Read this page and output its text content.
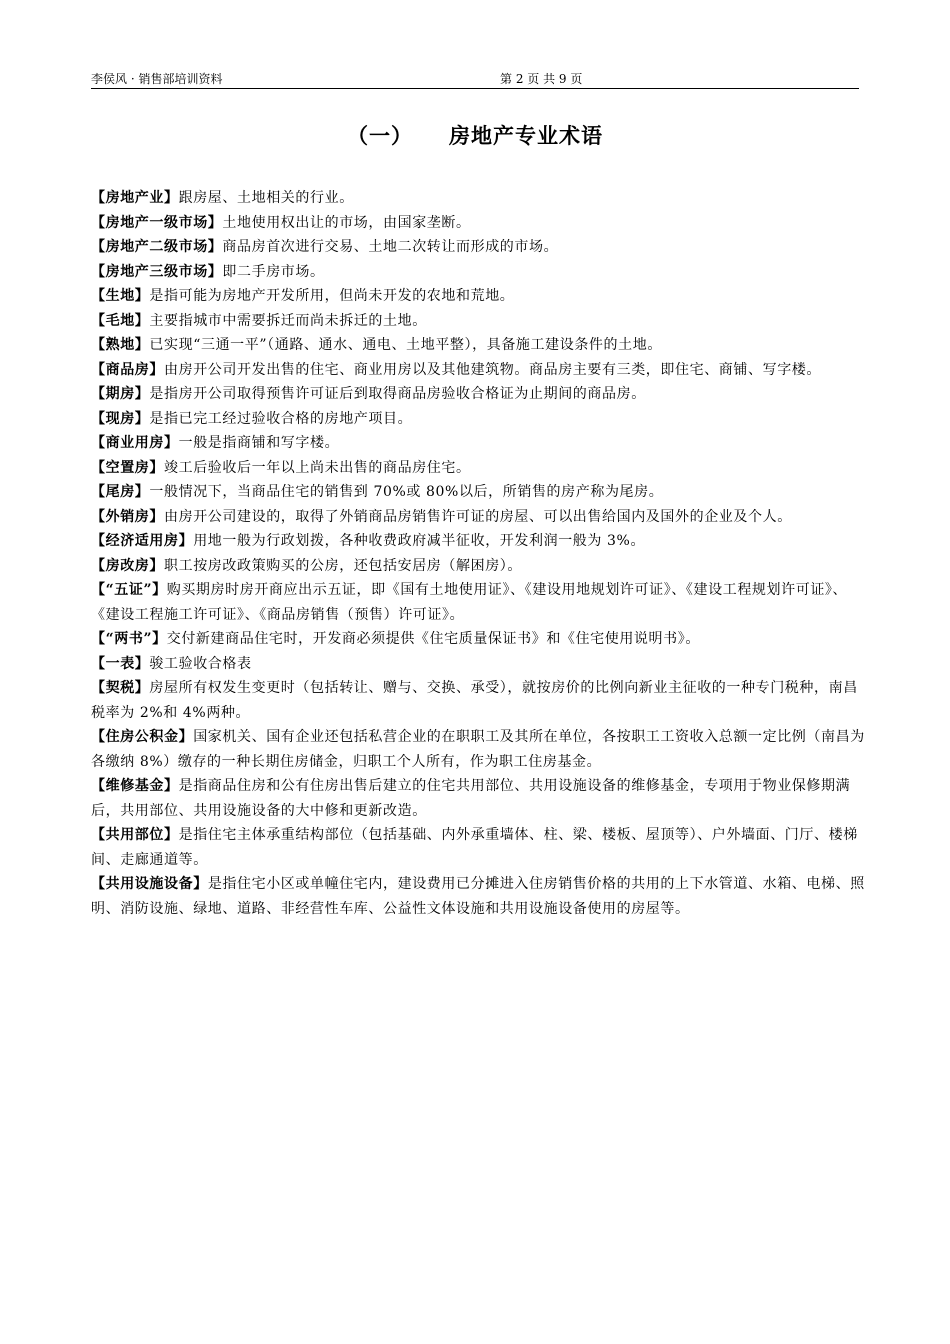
李侯风 · 销售部培训资料	第 2 页 共 9 页
（一） 房地产专业术语

【房地产业】跟房屋、土地相关的行业。

【房地产一级市场】土地使用权出让的市场，由国家垄断。

【房地产二级市场】商品房首次进行交易、土地二次转让而形成的市场。

【房地产三级市场】即二手房市场。

【生地】是指可能为房地产开发所用，但尚未开发的农地和荒地。

【毛地】主要指城市中需要拆迁而尚未拆迁的土地。

【熟地】已实现“三通一平”（通路、通水、通电、土地平整），具备施工建设条件的土地。

【商品房】由房开公司开发出售的住宅、商业用房以及其他建筑物。商品房主要有三类，即住宅、商铺、写字楼。

【期房】是指房开公司取得预售许可证后到取得商品房验收合格证为止期间的商品房。

【现房】是指已完工经过验收合格的房地产项目。

【商业用房】一般是指商铺和写字楼。

【空置房】竣工后验收后一年以上尚未出售的商品房住宅。

【尾房】一般情况下，当商品住宅的销售到 70%或 80%以后，所销售的房产称为尾房。

【外销房】由房开公司建设的，取得了外销商品房销售许可证的房屋、可以出售给国内及国外的企业及个人。

【经济适用房】用地一般为行政划拨，各种收费政府减半征收，开发利润一般为 3%。

【房改房】职工按房改政策购买的公房，还包括安居房（解困房）。

【“五证”】购买期房时房开商应出示五证，即《国有土地使用证》、《建设用地规划许可证》、《建设工程规划许可证》、《建设工程施工许可证》、《商品房销售（预售）许可证》。

【“两书”】交付新建商品住宅时，开发商必须提供《住宅质量保证书》和《住宅使用说明书》。

【一表】骏工验收合格表

【契税】房屋所有权发生变更时（包括转让、赠与、交换、承受），就按房价的比例向新业主征收的一种专门税种，南昌税率为 2%和 4%两种。

【住房公积金】国家机关、国有企业还包括私营企业的在职职工及其所在单位，各按职工工资收入总额一定比例（南昌为各缴纳 8%）缴存的一种长期住房储金，归职工个人所有，作为职工住房基金。

【维修基金】是指商品住房和公有住房出售后建立的住宅共用部位、共用设施设备的维修基金，专项用于物业保修期满后，共用部位、共用设施设备的大中修和更新改造。

【共用部位】是指住宅主体承重结构部位（包括基础、内外承重墙体、柱、梁、楼板、屋顶等）、户外墙面、门厅、楼梯间、走廊通道等。

【共用设施设备】是指住宅小区或单幢住宅内，建设费用已分摊进入住房销售价格的共用的上下水管道、水箱、电梯、照明、消防设施、绿地、道路、非经营性车库、公益性文体设施和共用设施设备使用的房屋等。
